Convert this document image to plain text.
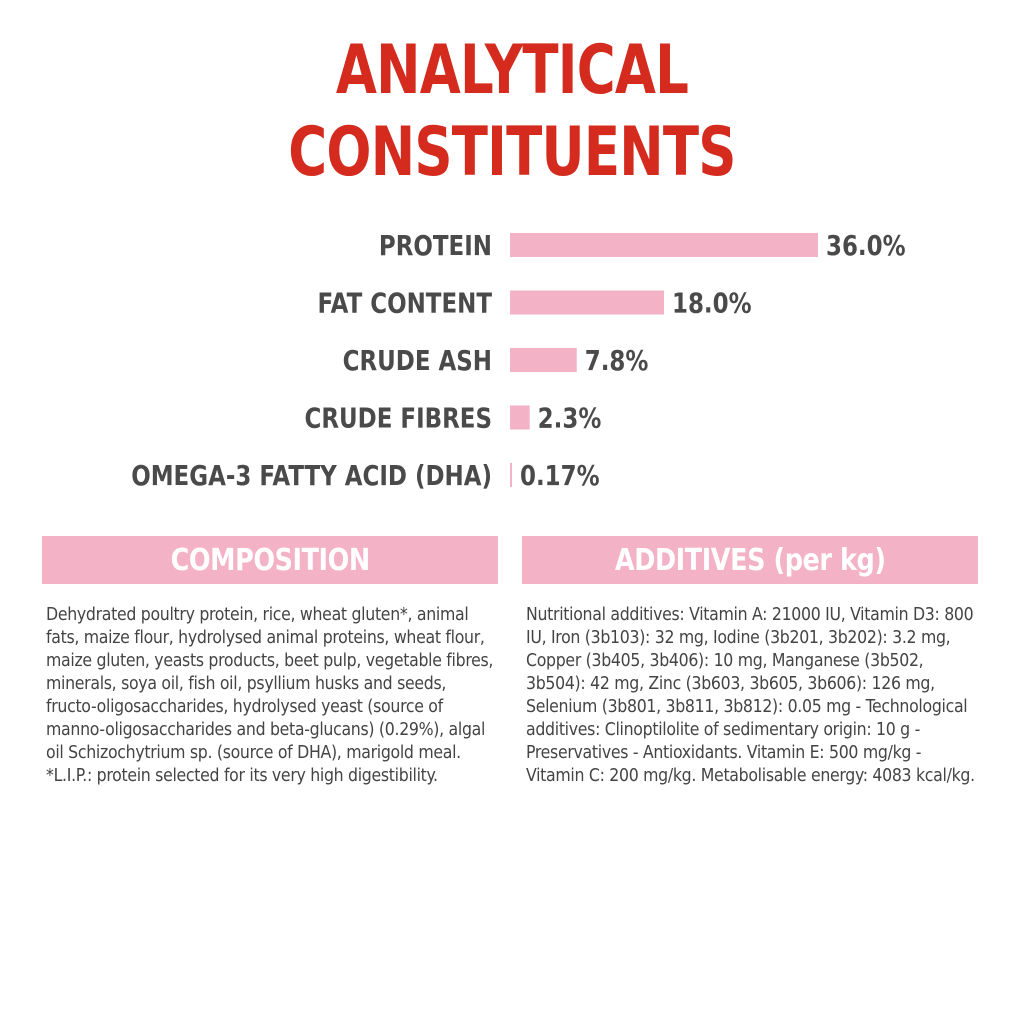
ANALYTICAL
CONSTITUENTS
PROTEIN	36.0%
FAT CONTENT	18.0%
CRUDE ASH	7.8%
CRUDE FIBRES 2.3%
OMEGA-3 FATTY ACID (DHA) 0.17%
COMPOSITION
Dehydrated poultry protein, rice, wheat gluten*, animal fats, maize flour, hydrolysed animal proteins, wheat flour, maize gluten, yeasts products, beet pulp, vegetable fibres, minerals, soya oil, fish oil, psyllium husks and seeds, fructo-oligosaccharides, hydrolysed yeast (source of manno-oligosaccharides and beta-glucans) (0.29%), algal oil Schizochytrium sp. (source of DHA), marigold meal. *L.I.P.: protein selected for its very high digestibility.
ADDITIVES (per kg)
Nutritional additives: Vitamin A: 21000 IU, Vitamin D3: 800 IU, Iron (3b103): 32 mg, Iodine (3b201, 3b202): 3.2 mg, Copper (3b405, 3b406): 10 mg, Manganese (3b502, 3b504): 42 mg, Zinc (3b603, 3b605, 3b606): 126 mg, Selenium (3b801, 3b811, 3b812): 0.05 mg - Technological additives: Clinoptilolite of sedimentary origin: 10 g - Preservatives - Antioxidants. Vitamin E: 500 mg/kg - Vitamin C: 200 mg/kg. Metabolisable energy: 4083 kcal/kg.
